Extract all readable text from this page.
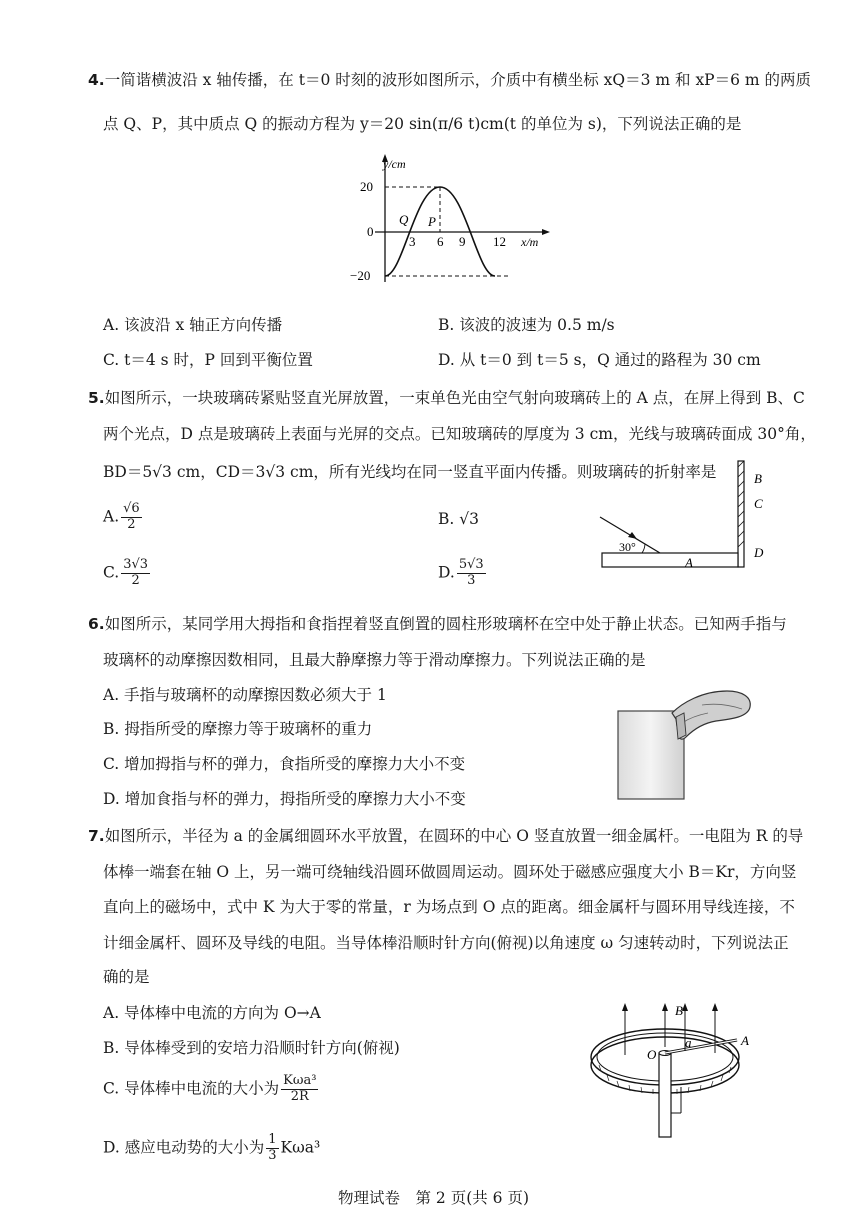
4.一简谐横波沿 x 轴传播，在 t＝0 时刻的波形如图所示，介质中有横坐标 xQ＝3 m 和 xP＝6 m 的两质
点 Q、P，其中质点 Q 的振动方程为 y＝20 sin(π/6 t)cm(t 的单位为 s)，下列说法正确的是
y/cm
20
0
−20
3 6 9 12 x/m
Q P
A. 该波沿 x 轴正方向传播	B. 该波的波速为 0.5 m/s
C. t＝4 s 时，P 回到平衡位置	D. 从 t＝0 到 t＝5 s，Q 通过的路程为 30 cm
5.如图所示，一块玻璃砖紧贴竖直光屏放置，一束单色光由空气射向玻璃砖上的 A 点，在屏上得到 B、C
两个光点，D 点是玻璃砖上表面与光屏的交点。已知玻璃砖的厚度为 3 cm，光线与玻璃砖面成 30°角，
BD＝5√3 cm，CD＝3√3 cm，所有光线均在同一竖直平面内传播。则玻璃砖的折射率是
A. $\frac{√6}{2}$	B. √3
C. $\frac{3√3}{2}$	D. $\frac{5√3}{3}$
30°
A
B
C
D
6.如图所示，某同学用大拇指和食指捏着竖直倒置的圆柱形玻璃杯在空中处于静止状态。已知两手指与
玻璃杯的动摩擦因数相同，且最大静摩擦力等于滑动摩擦力。下列说法正确的是
A. 手指与玻璃杯的动摩擦因数必须大于 1
B. 拇指所受的摩擦力等于玻璃杯的重力
C. 增加拇指与杯的弹力，食指所受的摩擦力大小不变
D. 增加食指与杯的弹力，拇指所受的摩擦力大小不变
7.如图所示，半径为 a 的金属细圆环水平放置，在圆环的中心 O 竖直放置一细金属杆。一电阻为 R 的导
体棒一端套在轴 O 上，另一端可绕轴线沿圆环做圆周运动。圆环处于磁感应强度大小 B＝Kr，方向竖
直向上的磁场中，式中 K 为大于零的常量，r 为场点到 O 点的距离。细金属杆与圆环用导线连接，不
计细金属杆、圆环及导线的电阻。当导体棒沿顺时针方向(俯视)以角速度 ω 匀速转动时，下列说法正
确的是
A. 导体棒中电流的方向为 O→A
B. 导体棒受到的安培力沿顺时针方向(俯视)
C. 导体棒中电流的大小为 $\frac{\text{Kωa³}}{2R}$
D. 感应电动势的大小为 $\frac{1}{3} K\omega a^3$
B
O
a	A
物理试卷　第 2 页(共 6 页)
